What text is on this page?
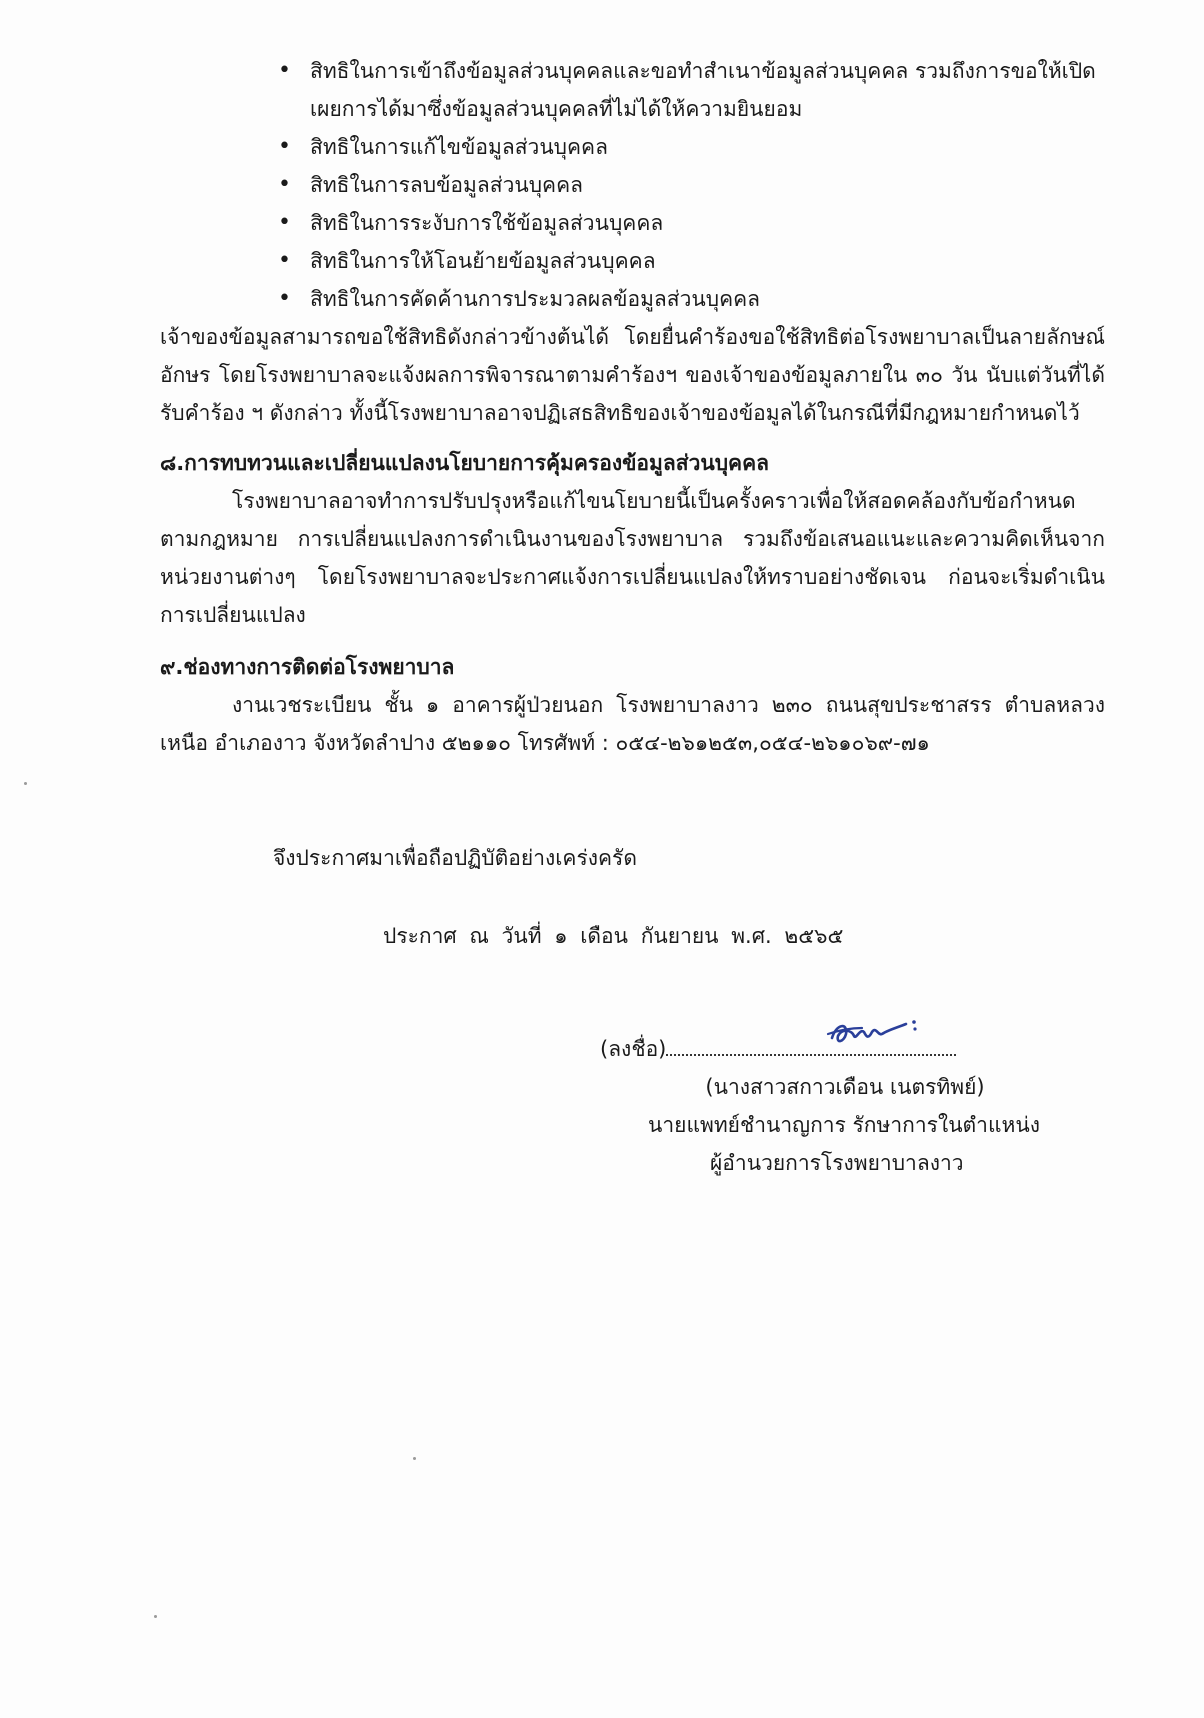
• สิทธิในการเข้าถึงข้อมูลส่วนบุคคลและขอทำสำเนาข้อมูลส่วนบุคคล รวมถึงการขอให้เปิดเผยการได้มาซึ่งข้อมูลส่วนบุคคลที่ไม่ได้ให้ความยินยอม
• สิทธิในการแก้ไขข้อมูลส่วนบุคคล
• สิทธิในการลบข้อมูลส่วนบุคคล
• สิทธิในการระงับการใช้ข้อมูลส่วนบุคคล
• สิทธิในการให้โอนย้ายข้อมูลส่วนบุคคล
• สิทธิในการคัดค้านการประมวลผลข้อมูลส่วนบุคคล

เจ้าของข้อมูลสามารถขอใช้สิทธิดังกล่าวข้างต้นได้ โดยยื่นคำร้องขอใช้สิทธิต่อโรงพยาบาลเป็นลายลักษณ์อักษร โดยโรงพยาบาลจะแจ้งผลการพิจารณาตามคำร้องฯ ของเจ้าของข้อมูลภายใน ๓๐ วัน นับแต่วันที่ได้รับคำร้อง ฯ ดังกล่าว ทั้งนี้โรงพยาบาลอาจปฏิเสธสิทธิของเจ้าของข้อมูลได้ในกรณีที่มีกฎหมายกำหนดไว้

๘.การทบทวนและเปลี่ยนแปลงนโยบายการคุ้มครองข้อมูลส่วนบุคคล

โรงพยาบาลอาจทำการปรับปรุงหรือแก้ไขนโยบายนี้เป็นครั้งคราวเพื่อให้สอดคล้องกับข้อกำหนดตามกฎหมาย การเปลี่ยนแปลงการดำเนินงานของโรงพยาบาล รวมถึงข้อเสนอแนะและความคิดเห็นจากหน่วยงานต่างๆ โดยโรงพยาบาลจะประกาศแจ้งการเปลี่ยนแปลงให้ทราบอย่างชัดเจน ก่อนจะเริ่มดำเนินการเปลี่ยนแปลง

๙.ช่องทางการติดต่อโรงพยาบาล

งานเวชระเบียน ชั้น ๑ อาคารผู้ป่วยนอก โรงพยาบาลงาว ๒๓๐ ถนนสุขประชาสรร ตำบลหลวงเหนือ อำเภองาว จังหวัดลำปาง ๕๒๑๑๐ โทรศัพท์ : ๐๕๔-๒๖๑๒๕๓,๐๕๔-๒๖๑๐๖๙-๗๑

จึงประกาศมาเพื่อถือปฏิบัติอย่างเคร่งครัด
ประกาศ ณ วันที่ ๑ เดือน กันยายน พ.ศ. ๒๕๖๕
(ลงชื่อ)
(นางสาวสกาวเดือน เนตรทิพย์)
นายแพทย์ชำนาญการ รักษาการในตำแหน่ง
ผู้อำนวยการโรงพยาบาลงาว
